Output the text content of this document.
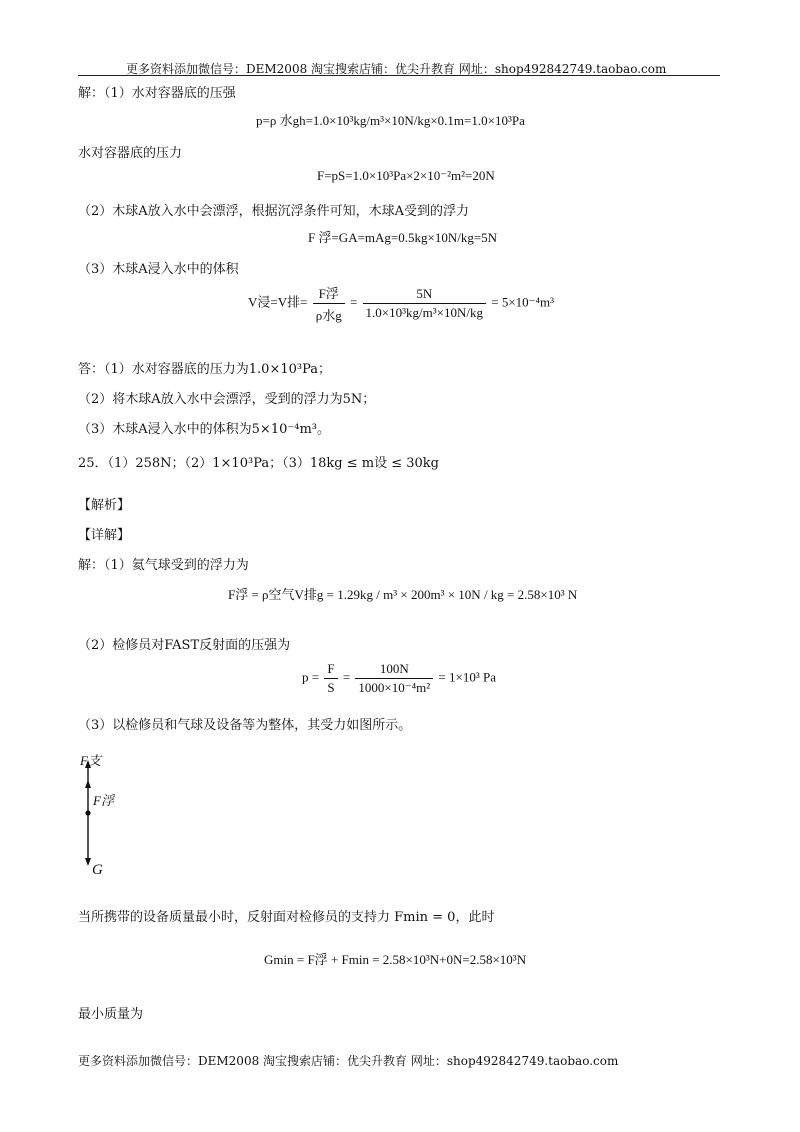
更多资料添加微信号：DEM2008 淘宝搜索店铺：优尖升教育 网址：shop492842749.taobao.com
解：（1）水对容器底的压强
p=ρ 水gh=1.0×10³kg/m³×10N/kg×0.1m=1.0×10³Pa
水对容器底的压力
F=pS=1.0×10³Pa×2×10⁻²m²=20N
（2）木球A放入水中会漂浮，根据沉浮条件可知，木球A受到的浮力
F 浮=GA=mAg=0.5kg×10N/kg=5N
（3）木球A浸入水中的体积
V浸=V排= $\frac{\text{F浮}}{\text{ρ水g}} = \frac{5N}{\text{1.0×10³kg/m³×10N/kg}} = 5\times 10^{-4}m^3$
答：（1）水对容器底的压力为1.0×10³Pa；
（2）将木球A放入水中会漂浮，受到的浮力为5N；
（3）木球A浸入水中的体积为5×10⁻⁴m³。
25．（1）258N；（2）1×10³Pa；（3）18kg ≤ m设 ≤ 30kg
【解析】
【详解】
解：（1）氦气球受到的浮力为
F浮 = ρ空气V排g = 1.29kg / m³ × 200m³ × 10N / kg = 2.58×10³ N
（2）检修员对FAST反射面的压强为
$p = \frac{F}{S} = \frac{100N}{\text{1000×10⁻⁴m²}} = 1\times 10^3$ Pa
（3）以检修员和气球及设备等为整体，其受力如图所示。
F支
F浮
G
当所携带的设备质量最小时，反射面对检修员的支持力 Fmin = 0，此时
Gmin = F浮 + Fmin = 2.58×10³N+0N=2.58×10³N
最小质量为
更多资料添加微信号：DEM2008 淘宝搜索店铺：优尖升教育 网址：shop492842749.taobao.com
